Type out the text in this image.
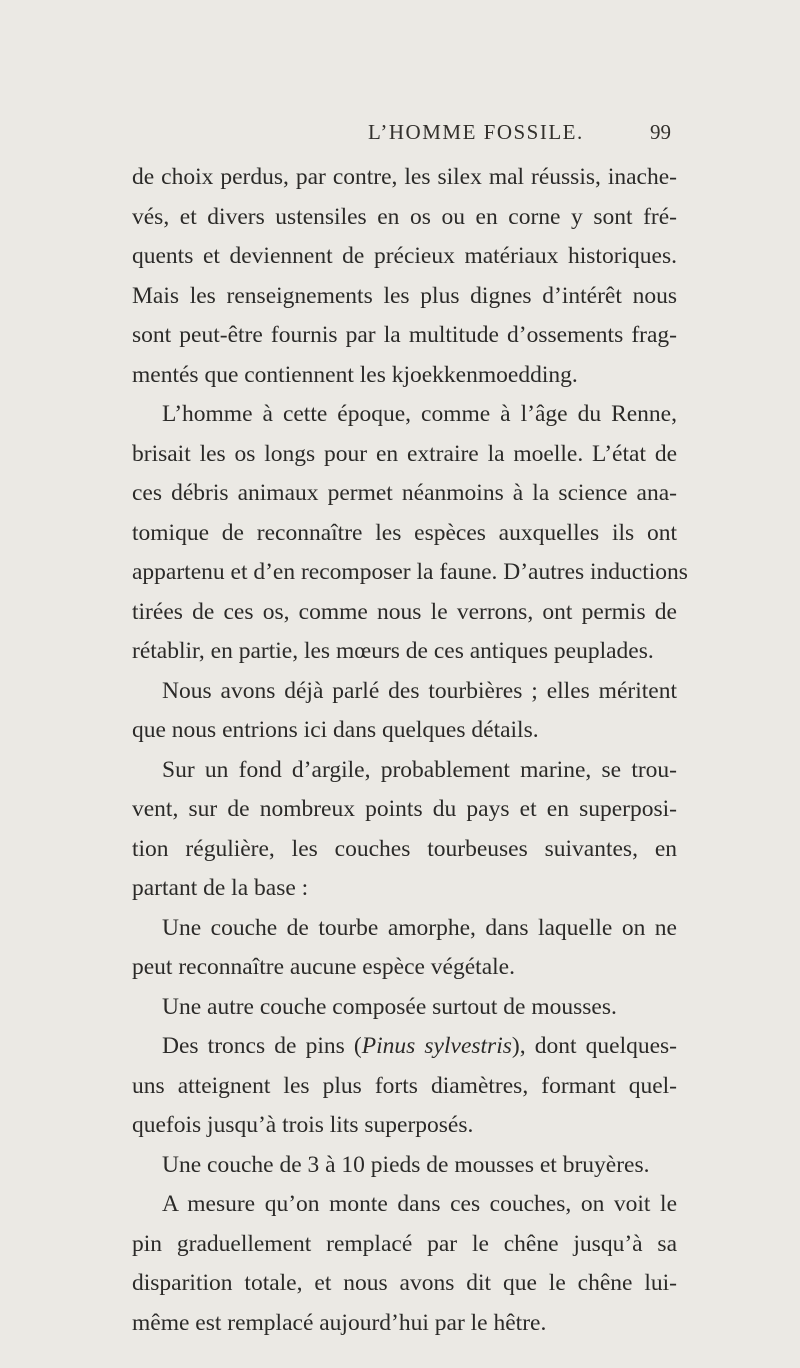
L’HOMME FOSSILE.	99
de choix perdus, par contre, les silex mal réussis, inache-
vés, et divers ustensiles en os ou en corne y sont fré-
quents et deviennent de précieux matériaux historiques.
Mais les renseignements les plus dignes d’intérêt nous
sont peut-être fournis par la multitude d’ossements frag-
mentés que contiennent les kjoekkenmoedding.
L’homme à cette époque, comme à l’âge du Renne,
brisait les os longs pour en extraire la moelle. L’état de
ces débris animaux permet néanmoins à la science ana-
tomique de reconnaître les espèces auxquelles ils ont
appartenu et d’en recomposer la faune. D’autres inductions
tirées de ces os, comme nous le verrons, ont permis de
rétablir, en partie, les mœurs de ces antiques peuplades.
Nous avons déjà parlé des tourbières ; elles méritent
que nous entrions ici dans quelques détails.
Sur un fond d’argile, probablement marine, se trou-
vent, sur de nombreux points du pays et en superposi-
tion régulière, les couches tourbeuses suivantes, en
partant de la base :
Une couche de tourbe amorphe, dans laquelle on ne
peut reconnaître aucune espèce végétale.
Une autre couche composée surtout de mousses.
Des troncs de pins (Pinus sylvestris), dont quelques-
uns atteignent les plus forts diamètres, formant quel-
quefois jusqu’à trois lits superposés.
Une couche de 3 à 10 pieds de mousses et bruyères.
A mesure qu’on monte dans ces couches, on voit le
pin graduellement remplacé par le chêne jusqu’à sa
disparition totale, et nous avons dit que le chêne lui-
même est remplacé aujourd’hui par le hêtre.
